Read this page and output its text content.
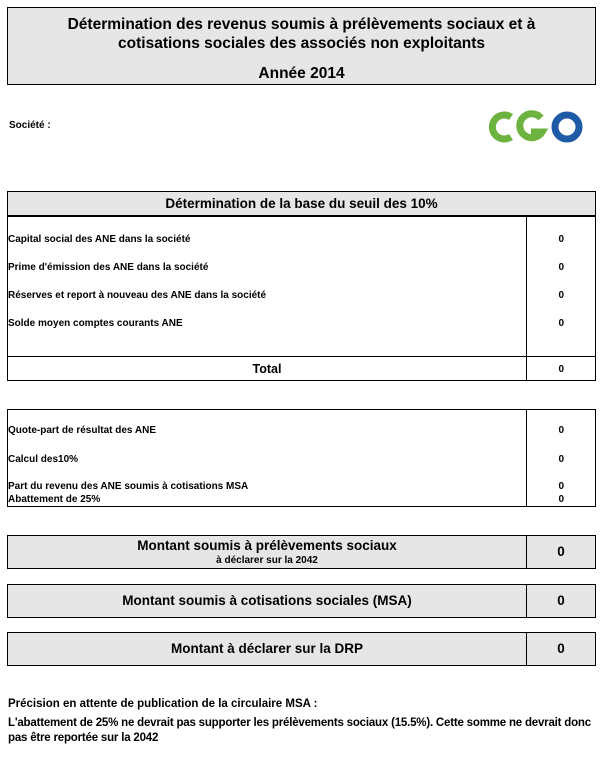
Détermination des revenus soumis à prélèvements sociaux et à
cotisations sociales des associés non exploitants
Année 2014
Société :
Détermination de la base du seuil des 10%
Capital social des ANE dans la société	0
Prime d'émission des ANE dans la société	0
Réserves et report à nouveau des ANE dans la société	0
Solde moyen comptes courants ANE	0
Total	0
Quote-part de résultat des ANE	0
Calcul des10%	0
Part du revenu des ANE soumis à cotisations MSA	0
Abattement de 25%	0
Montant soumis à prélèvements sociaux
à déclarer sur la 2042
0
Montant soumis à cotisations sociales (MSA)	0
Montant à déclarer sur la DRP	0
Précision en attente de publication de la circulaire MSA :
L'abattement de 25% ne devrait pas supporter les prélèvements sociaux (15.5%). Cette somme ne devrait donc pas être reportée sur la 2042
